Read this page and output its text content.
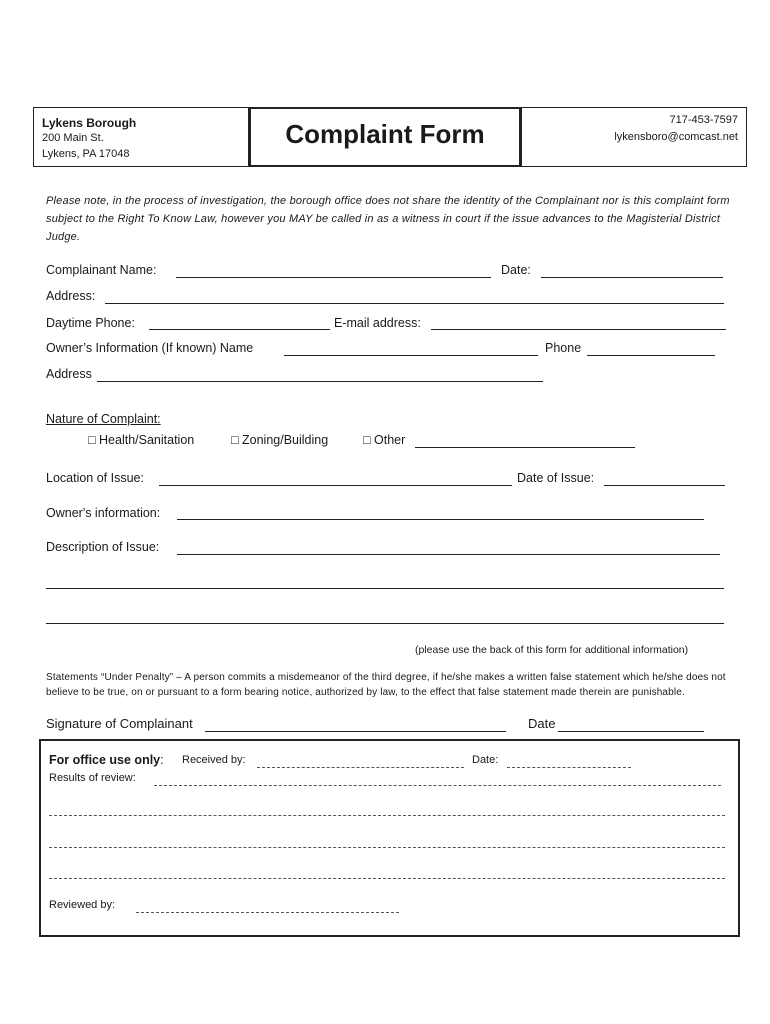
Lykens Borough
200 Main St.
Lykens, PA 17048
Complaint Form	717-453-7597
lykensboro@comcast.net
Please note, in the process of investigation, the borough office does not share the identity of the Complainant nor is this complaint form subject to the Right To Know Law, however you MAY be called in as a witness in court if the issue advances to the Magisterial District Judge.
Complainant Name:	Date:
Address:
Daytime Phone:	E-mail address:
Owner’s Information (If known) Name	Phone
Address
Nature of Complaint:
□ Health/Sanitation	□ Zoning/Building	□ Other
Location of Issue:	Date of Issue:
Owner's information:
Description of Issue:
(please use the back of this form for additional information)
Statements “Under Penalty” – A person commits a misdemeanor of the third degree, if he/she makes a written false statement which he/she does not believe to be true, on or pursuant to a form bearing notice, authorized by law, to the effect that false statement made therein are punishable.
Signature of Complainant	Date
For office use only: Received by:	Date:
Results of review:
Reviewed by:
